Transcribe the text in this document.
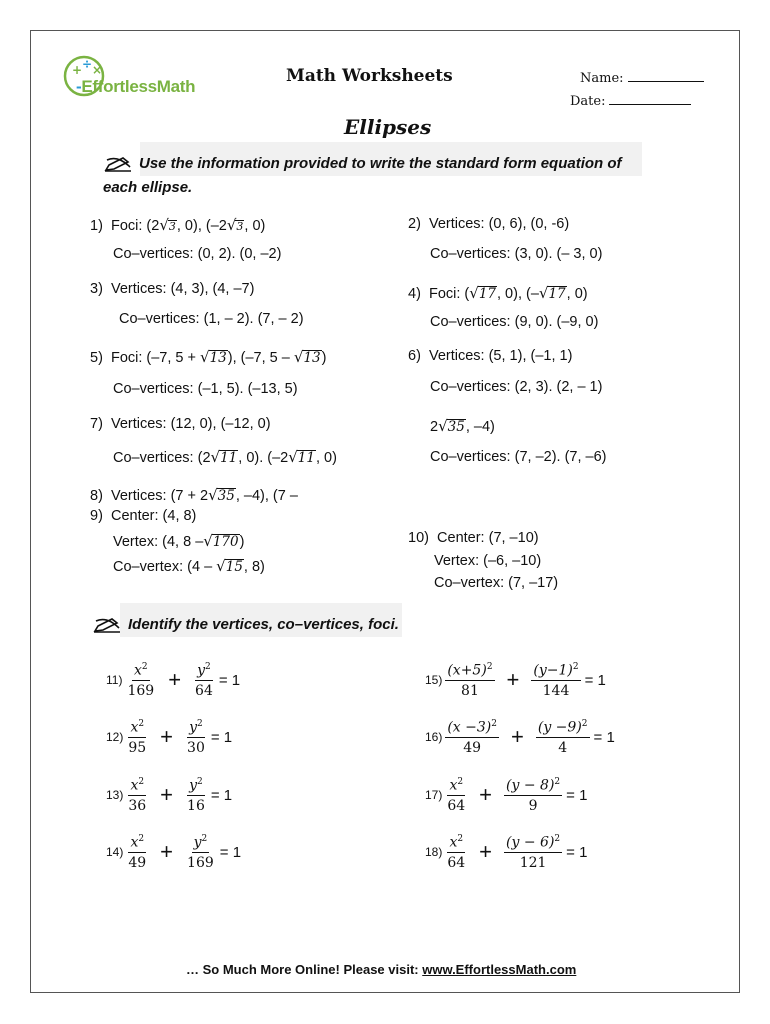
+ ÷ ×
-EffortlessMath
Math Worksheets	Name:
Date:
Ellipses
Use the information provided to write the standard form equation of
each ellipse.
1) Foci: (2√3, 0), (–2√3, 0)
Co–vertices: (0, 2). (0, –2)
3) Vertices: (4, 3), (4, –7)
Co–vertices: (1, – 2). (7, – 2)
5) Foci: (–7, 5 + √13), (–7, 5 – √13)
Co–vertices: (–1, 5). (–13, 5)
7) Vertices: (12, 0), (–12, 0)
Co–vertices: (2√11, 0). (–2√11, 0)
8) Vertices: (7 + 2√35, –4), (7 –
9) Center: (4, 8)
Vertex: (4, 8 –√170)
Co–vertex: (4 – √15, 8)
2) Vertices: (0, 6), (0, -6)
Co–vertices: (3, 0). (– 3, 0)
4) Foci: (√17, 0), (–√17, 0)
Co–vertices: (9, 0). (–9, 0)
6) Vertices: (5, 1), (–1, 1)
Co–vertices: (2, 3). (2, – 1)
2√35, –4)
Co–vertices: (7, –2). (7, –6)
10) Center: (7, –10)
Vertex: (–6, –10)
Co–vertex: (7, –17)
Identify the vertices, co–vertices, foci.
$11) \frac{x^2}{169} + \frac{y^2}{64} = 1$
$12) \frac{x^2}{95} + \frac{y^2}{30} = 1$
$13) \frac{x^2}{36} + \frac{y^2}{16} = 1$
$14) \frac{x^2}{49} + \frac{y^2}{169} = 1$
$15) \frac{(x+5)^2}{81} + \frac{(y-1)^2}{144} = 1$
$16) \frac{(x -3)^2}{49} + \frac{(y -9)^2}{4} = 1$
$17) \frac{x^2}{64} + \frac{(y - 8)^2}{9} = 1$
$18) \frac{x^2}{64} + \frac{(y - 6)^2}{121} = 1$
… So Much More Online! Please visit: www.EffortlessMath.com
